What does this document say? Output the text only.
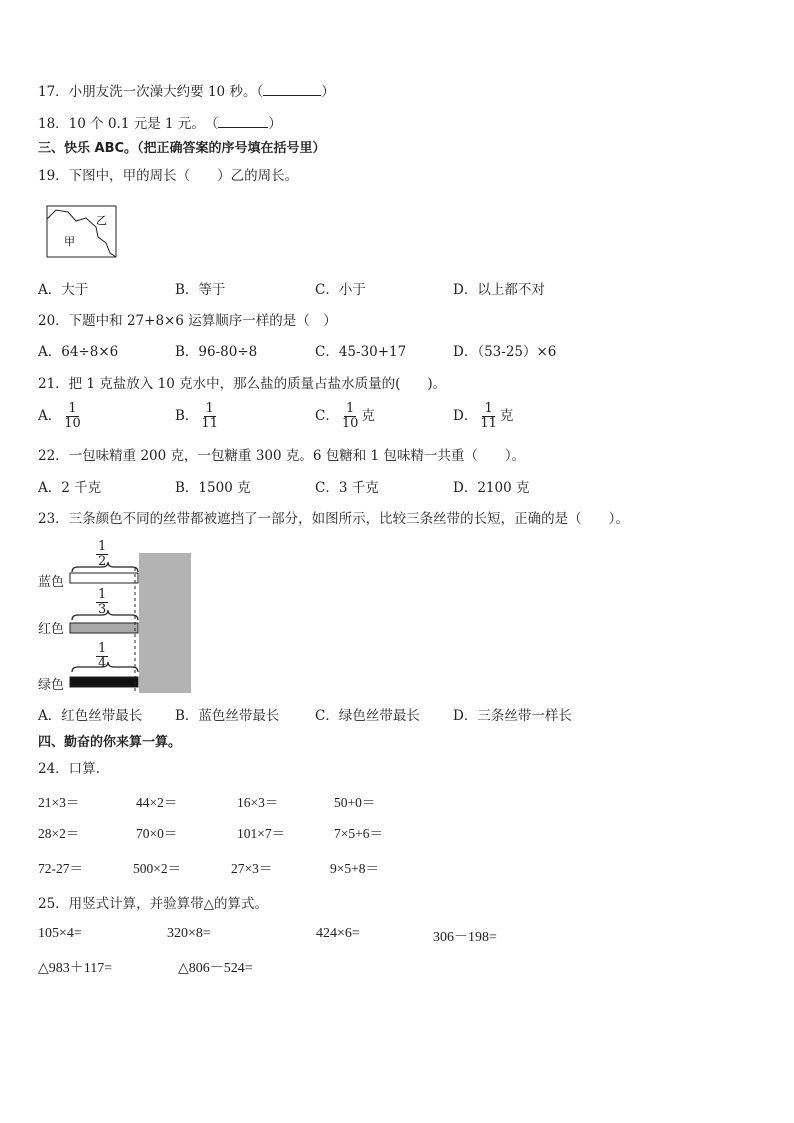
17．小朋友洗一次澡大约要 10 秒。（	）
18．10 个 0.1 元是 1 元。　（	）
三、快乐 ABC。（把正确答案的序号填在括号里）
19．下图中，甲的周长（　　）乙的周长。
甲
乙
A．大于	B．等于	C．小于	D．以上都不对
20．下题中和 27+8×6 运算顺序一样的是（　）
A．64÷8×6	B．96-80÷8	C．45-30+17	D．（53-25）×6
21．把 1 克盐放入 10 克水中，那么盐的质量占盐水质量的(　　)。
A． $\frac{1}{10}$	B． $\frac{1}{11}$	C． $\frac{1}{10}$ 克	D． $\frac{1}{11}$ 克
22．一包味精重 200 克，一包糖重 300 克。6 包糖和 1 包味精一共重（　　）。
A．2 千克	B．1500 克	C．3 千克	D．2100 克
23．三条颜色不同的丝带都被遮挡了一部分，如图所示，比较三条丝带的长短，正确的是（　　）。
蓝色
红色
绿色
$\frac{1}{2}$
$\frac{1}{3}$
$\frac{1}{4}$
A．红色丝带最长 B．蓝色丝带最长	C．绿色丝带最长 D．三条丝带一样长
四、勤奋的你来算一算。
24．口算.
21×3＝	44×2＝	16×3＝	50+0＝
28×2＝	70×0＝	101×7＝	7×5+6＝
72-27＝	500×2＝	27×3＝	9×5+8＝
25．用竖式计算，并验算带△的算式。
105×4=	320×8=	424×6=	306－198=
△983＋117=	△806－524=
